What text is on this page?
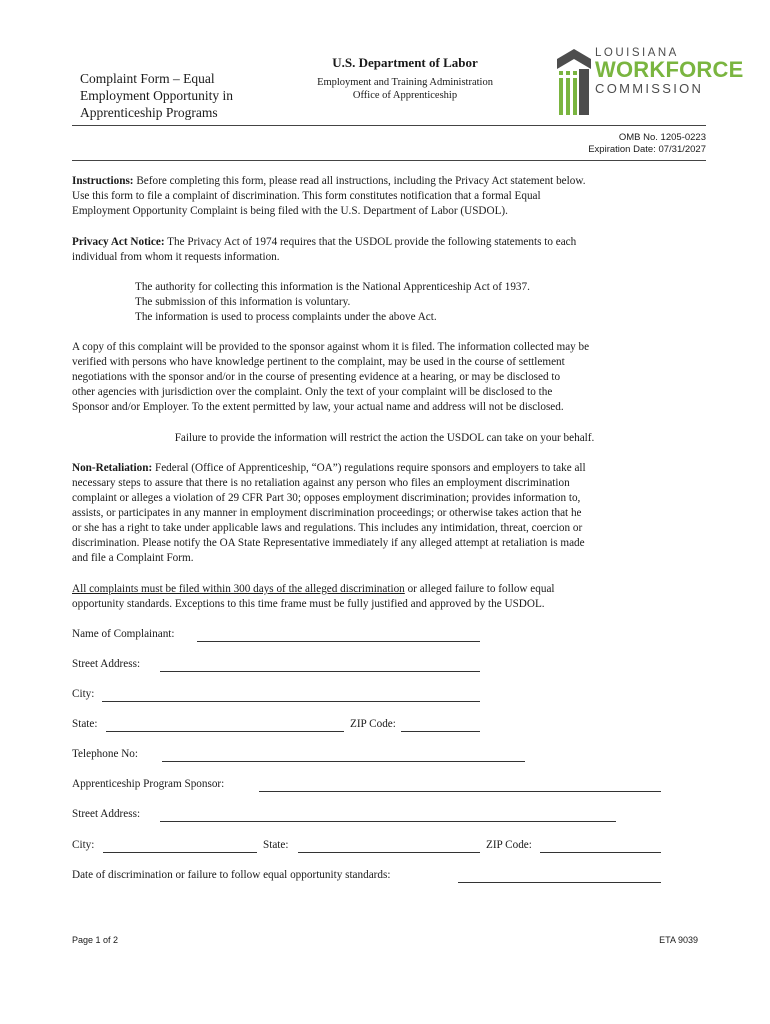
Complaint Form – Equal
Employment Opportunity in
Apprenticeship Programs
U.S. Department of Labor
Employment and Training Administration
Office of Apprenticeship
LOUISIANA
WORKFORCE
COMMISSION
OMB No. 1205-0223
Expiration Date: 07/31/2027
Instructions: Before completing this form, please read all instructions, including the Privacy Act statement below.
Use this form to file a complaint of discrimination. This form constitutes notification that a formal Equal
Employment Opportunity Complaint is being filed with the U.S. Department of Labor (USDOL).
Privacy Act Notice: The Privacy Act of 1974 requires that the USDOL provide the following statements to each
individual from whom it requests information.
The authority for collecting this information is the National Apprenticeship Act of 1937.
The submission of this information is voluntary.
The information is used to process complaints under the above Act.
A copy of this complaint will be provided to the sponsor against whom it is filed. The information collected may be
verified with persons who have knowledge pertinent to the complaint, may be used in the course of settlement
negotiations with the sponsor and/or in the course of presenting evidence at a hearing, or may be disclosed to
other agencies with jurisdiction over the complaint. Only the text of your complaint will be disclosed to the
Sponsor and/or Employer. To the extent permitted by law, your actual name and address will not be disclosed.
Failure to provide the information will restrict the action the USDOL can take on your behalf.
Non-Retaliation: Federal (Office of Apprenticeship, “OA”) regulations require sponsors and employers to take all
necessary steps to assure that there is no retaliation against any person who files an employment discrimination
complaint or alleges a violation of 29 CFR Part 30; opposes employment discrimination; provides information to,
assists, or participates in any manner in employment discrimination proceedings; or otherwise takes action that he
or she has a right to take under applicable laws and regulations. This includes any intimidation, threat, coercion or
discrimination. Please notify the OA State Representative immediately if any alleged attempt at retaliation is made
and file a Complaint Form.
All complaints must be filed within 300 days of the alleged discrimination or alleged failure to follow equal
opportunity standards. Exceptions to this time frame must be fully justified and approved by the USDOL.
Name of Complainant:
Street Address:
City:
State:	ZIP Code:
Telephone No:
Apprenticeship Program Sponsor:
Street Address:
City:	State:	ZIP Code:
Date of discrimination or failure to follow equal opportunity standards:
Page 1 of 2	ETA 9039
